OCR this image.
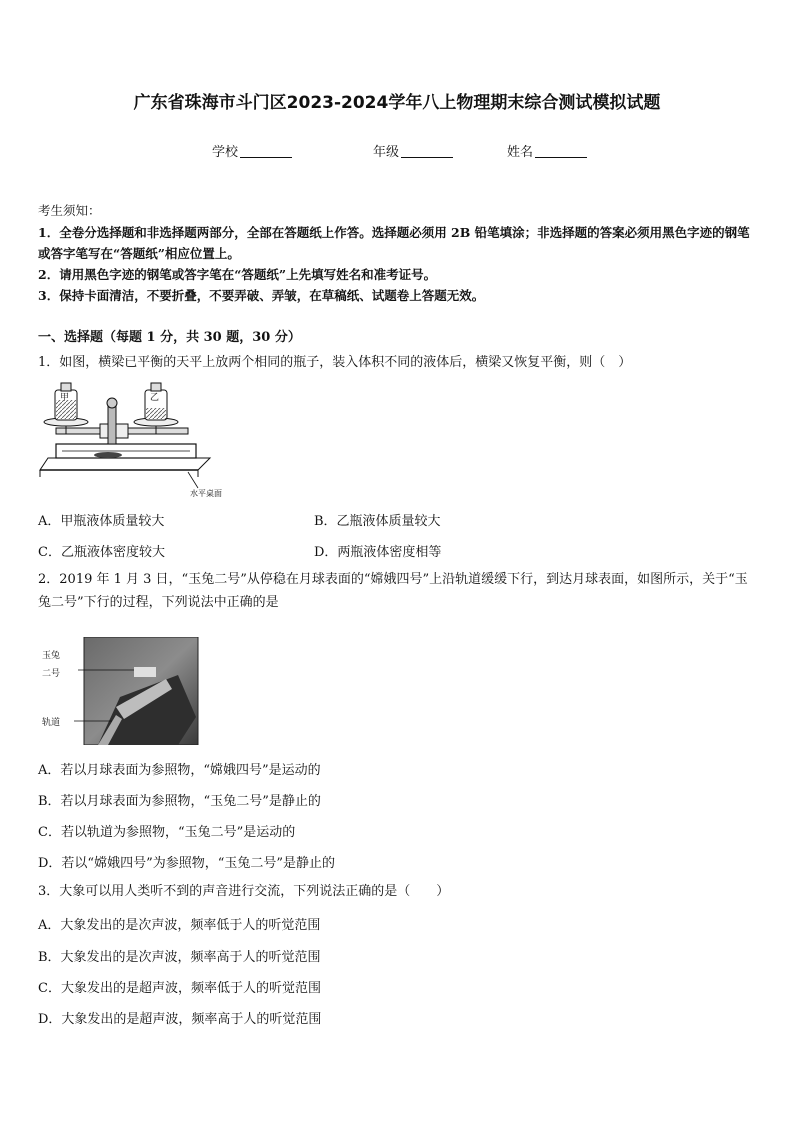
广东省珠海市斗门区2023-2024学年八上物理期末综合测试模拟试题
学校	年级	姓名
考生须知：

1．全卷分选择题和非选择题两部分，全部在答题纸上作答。选择题必须用 2B 铅笔填涂；非选择题的答案必须用黑色字迹的钢笔或答字笔写在“答题纸”相应位置上。

2．请用黑色字迹的钢笔或答字笔在“答题纸”上先填写姓名和准考证号。

3．保持卡面清洁，不要折叠，不要弄破、弄皱，在草稿纸、试题卷上答题无效。

一、选择题（每题 1 分，共 30 题，30 分）
1．如图，横梁已平衡的天平上放两个相同的瓶子，装入体积不同的液体后，横梁又恢复平衡，则（　）
甲	乙
水平桌面
A．甲瓶液体质量较大	B．乙瓶液体质量较大
C．乙瓶液体密度较大	D．两瓶液体密度相等
2．2019 年 1 月 3 日，“玉兔二号”从停稳在月球表面的“嫦娥四号”上沿轨道缓缓下行，到达月球表面，如图所示，关于“玉兔二号”下行的过程，下列说法中正确的是
玉兔
二号
轨道
A．若以月球表面为参照物，“嫦娥四号”是运动的
B．若以月球表面为参照物，“玉兔二号”是静止的
C．若以轨道为参照物，“玉兔二号”是运动的
D．若以“嫦娥四号”为参照物，“玉兔二号”是静止的
3．大象可以用人类听不到的声音进行交流，下列说法正确的是（　　）
A．大象发出的是次声波，频率低于人的听觉范围
B．大象发出的是次声波，频率高于人的听觉范围
C．大象发出的是超声波，频率低于人的听觉范围
D．大象发出的是超声波，频率高于人的听觉范围
